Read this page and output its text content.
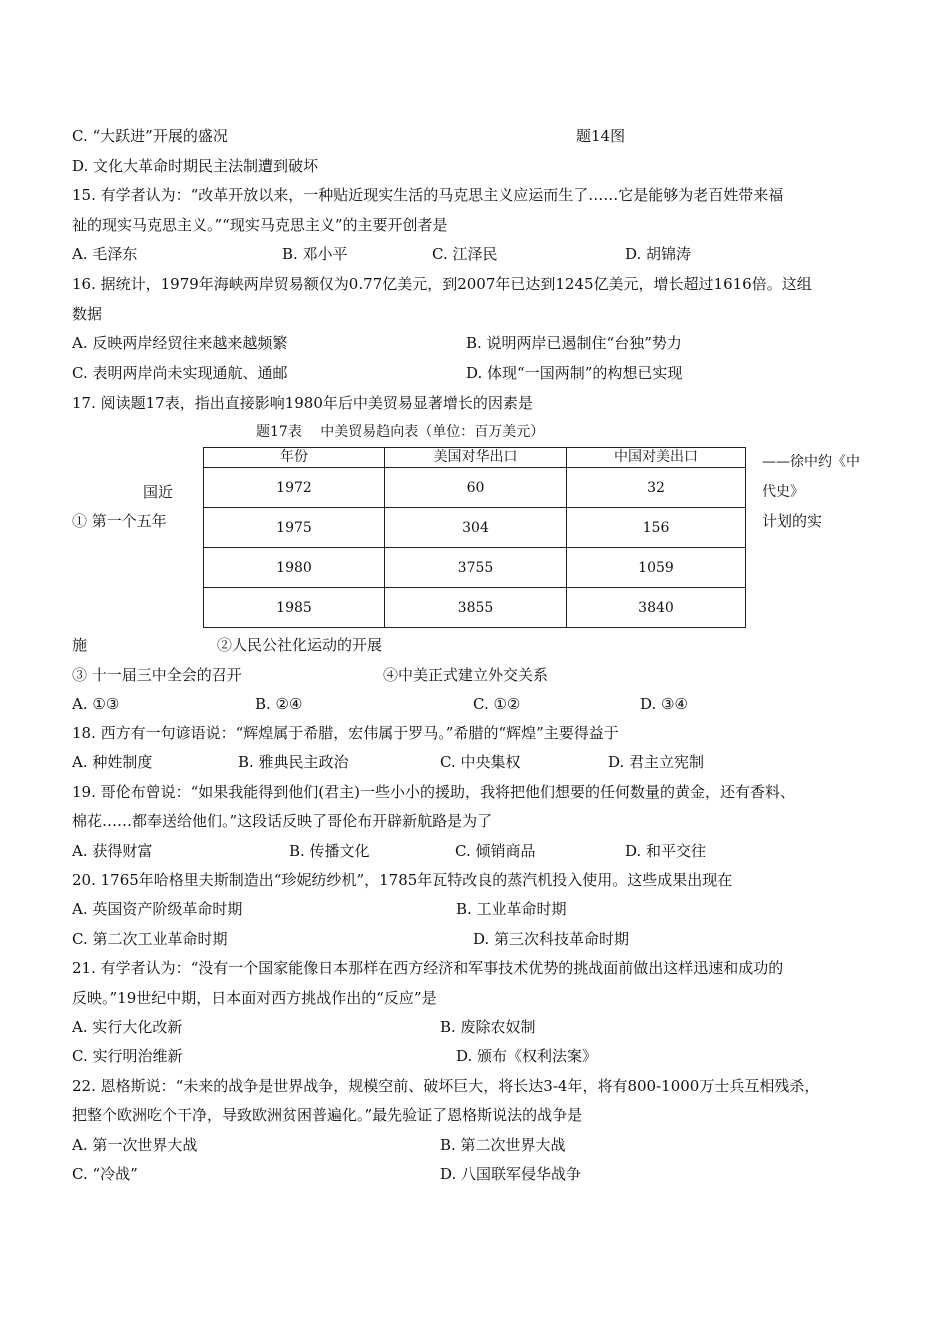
C. “大跃进”开展的盛况	题14图
D. 文化大革命时期民主法制遭到破坏
15. 有学者认为：“改革开放以来，一种贴近现实生活的马克思主义应运而生了……它是能够为老百姓带来福
祉的现实马克思主义。”“现实马克思主义”的主要开创者是
A. 毛泽东	B. 邓小平	C. 江泽民	D. 胡锦涛
16. 据统计，1979年海峡两岸贸易额仅为0.77亿美元，到2007年已达到1245亿美元，增长超过1616倍。这组
数据
A. 反映两岸经贸往来越来越频繁	B. 说明两岸已遏制住“台独”势力
C. 表明两岸尚未实现通航、通邮	D. 体现“一国两制”的构想已实现
17. 阅读题17表，指出直接影响1980年后中美贸易显著增长的因素是
题17表　 中美贸易趋向表（单位：百万美元）
年份	美国对华出口	中国对美出口
1972	60	32
1975	304	156
1980	3755	1059
1985	3855	3840
——徐中约《中
代史》
国近
① 第一个五年	计划的实
施	②人民公社化运动的开展
③ 十一届三中全会的召开	④中美正式建立外交关系
A. ①③	B. ②④	C. ①②	D. ③④
18. 西方有一句谚语说：“辉煌属于希腊，宏伟属于罗马。”希腊的“辉煌”主要得益于
A. 种姓制度	B. 雅典民主政治	C. 中央集权	D. 君主立宪制
19. 哥伦布曾说：“如果我能得到他们(君主)一些小小的援助，我将把他们想要的任何数量的黄金，还有香料、
棉花……都奉送给他们。”这段话反映了哥伦布开辟新航路是为了
A. 获得财富	B. 传播文化	C. 倾销商品	D. 和平交往
20. 1765年哈格里夫斯制造出“珍妮纺纱机”，1785年瓦特改良的蒸汽机投入使用。这些成果出现在
A. 英国资产阶级革命时期	B. 工业革命时期
C. 第二次工业革命时期	D. 第三次科技革命时期
21. 有学者认为：“没有一个国家能像日本那样在西方经济和军事技术优势的挑战面前做出这样迅速和成功的
反映。”19世纪中期，日本面对西方挑战作出的“反应”是
A. 实行大化改新	B. 废除农奴制
C. 实行明治维新	D. 颁布《权利法案》
22. 恩格斯说：“未来的战争是世界战争，规模空前、破坏巨大，将长达3-4年，将有800-1000万士兵互相残杀，
把整个欧洲吃个干净，导致欧洲贫困普遍化。”最先验证了恩格斯说法的战争是
A. 第一次世界大战	B. 第二次世界大战
C. “冷战”	D. 八国联军侵华战争
